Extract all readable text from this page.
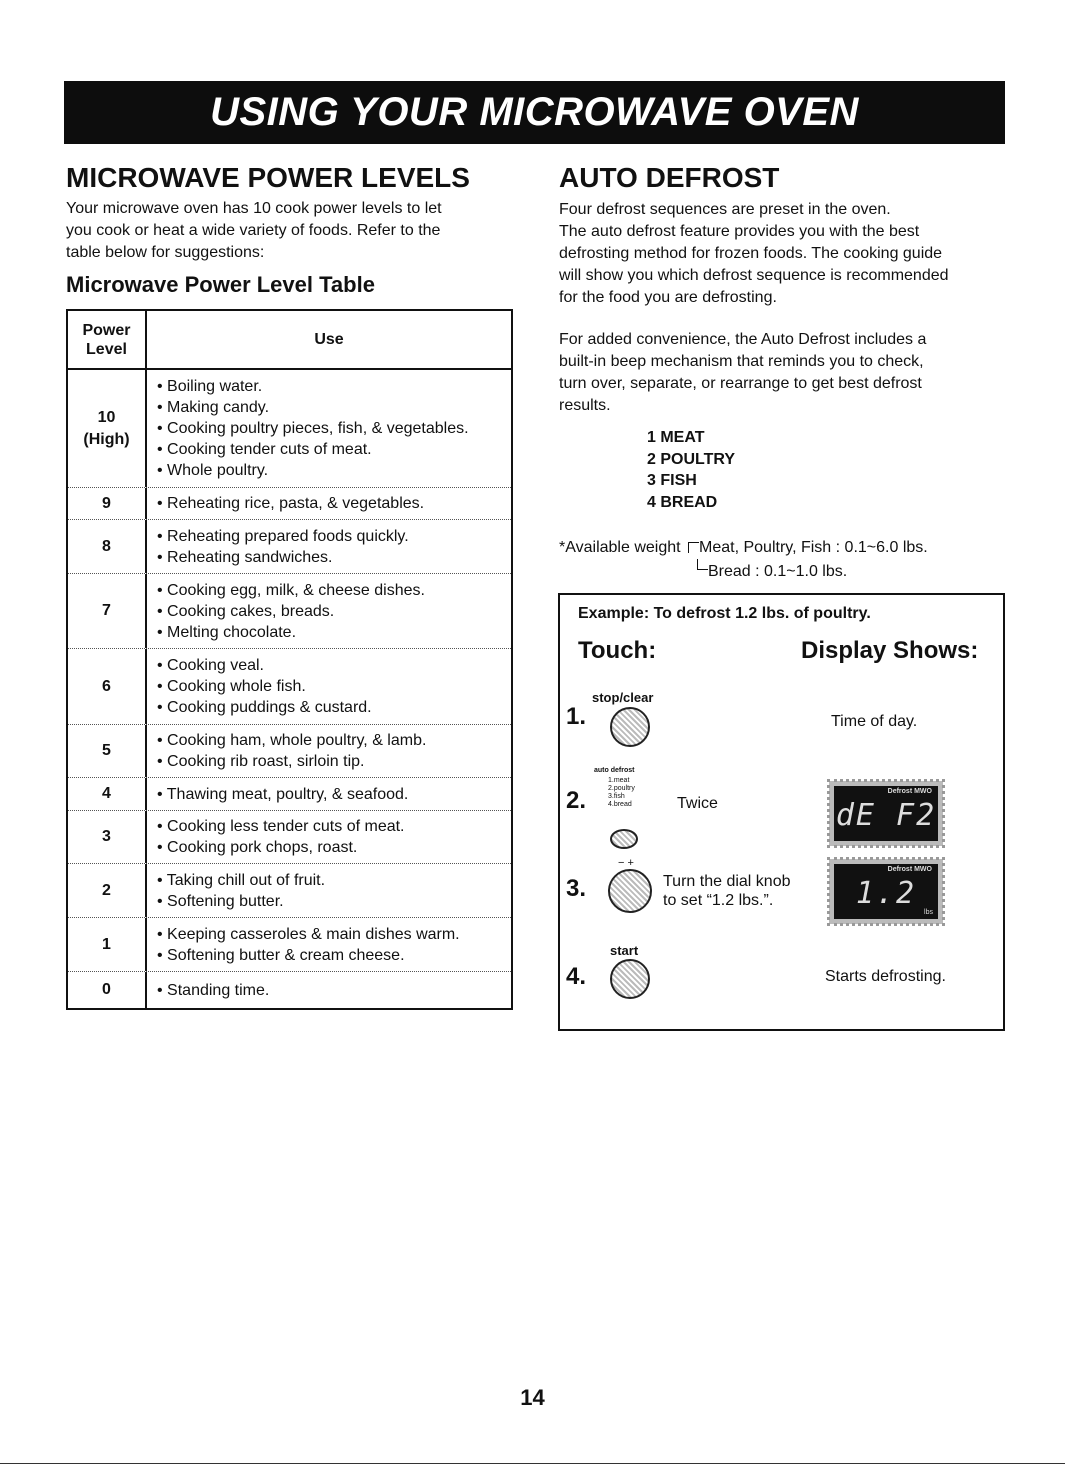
USING YOUR MICROWAVE OVEN
MICROWAVE POWER LEVELS
Your microwave oven has 10 cook power levels to let
you cook or heat a wide variety of foods. Refer to the
table below for suggestions:
Microwave Power Level Table
Power
Level
Use
10
(High)
• Boiling water.
• Making candy.
• Cooking poultry pieces, fish, & vegetables.
• Cooking tender cuts of meat.
• Whole poultry.
9	• Reheating rice, pasta, & vegetables.
8
• Reheating prepared foods quickly.
• Reheating sandwiches.
7
• Cooking egg, milk, & cheese dishes.
• Cooking cakes, breads.
• Melting chocolate.
6
• Cooking veal.
• Cooking whole fish.
• Cooking puddings & custard.
5
• Cooking ham, whole poultry, & lamb.
• Cooking rib roast, sirloin tip.
4	• Thawing meat, poultry, & seafood.
3
• Cooking less tender cuts of meat.
• Cooking pork chops, roast.
2
• Taking chill out of fruit.
• Softening butter.
1
• Keeping casseroles & main dishes warm.
• Softening butter & cream cheese.
0	• Standing time.
AUTO DEFROST
Four defrost sequences are preset in the oven.
The auto defrost feature provides you with the best
defrosting method for frozen foods. The cooking guide
will show you which defrost sequence is recommended
for the food you are defrosting.
For added convenience, the Auto Defrost includes a
built-in beep mechanism that reminds you to check,
turn over, separate, or rearrange to get best defrost
results.
1 MEAT
2 POULTRY
3 FISH
4 BREAD
*Available weight Meat, Poultry, Fish : 0.1~6.0 lbs.
Bread : 0.1~1.0 lbs.
Example: To defrost 1.2 lbs. of poultry.
Touch:	Display Shows:
1.
stop/clear
Time of day.
2.
auto defrost
1.meat
2.poultry
3.fish
4.bread	Twice
Defrost MWO
dE F2
3.
− +
Turn the dial knob
to set “1.2 lbs.”.
Defrost MWO
1.2
lbs
4.
start
Starts defrosting.
14
